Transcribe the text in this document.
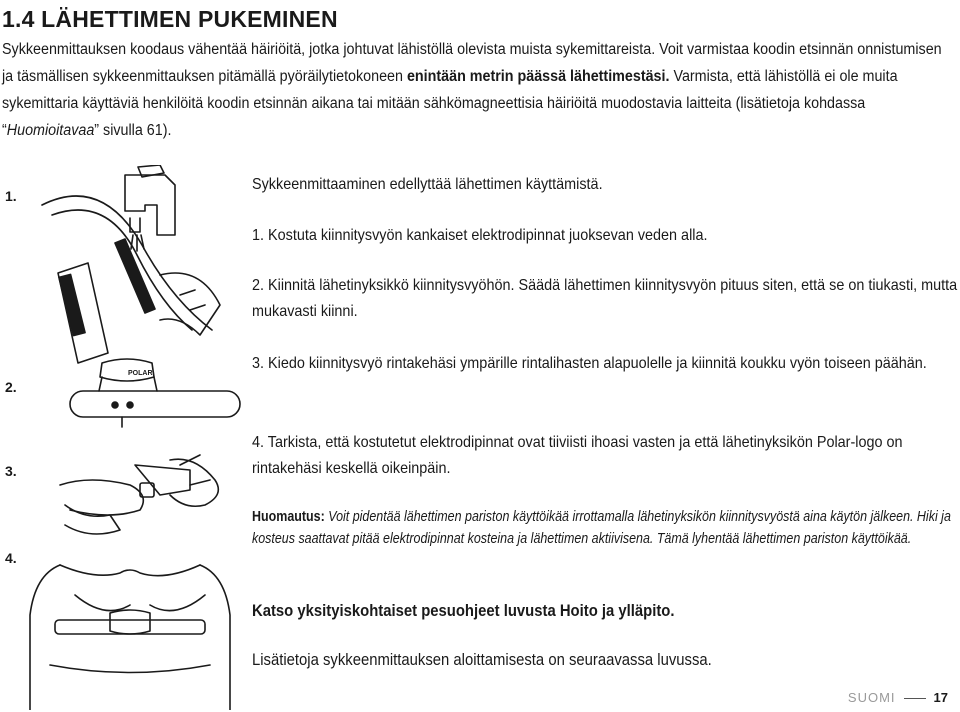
1.4 LÄHETTIMEN PUKEMINEN
Sykkeenmittauksen koodaus vähentää häiriöitä, jotka johtuvat lähistöllä olevista muista sykemittareista. Voit varmistaa koodin etsinnän onnistumisen ja täsmällisen sykkeenmittauksen pitämällä pyöräilytietokoneen enintään metrin päässä lähettimestäsi. Varmista, että lähistöllä ei ole muita sykemittaria käyttäviä henkilöitä koodin etsinnän aikana tai mitään sähkömagneettisia häiriöitä muodostavia laitteita (lisätietoja kohdassa “Huomioitavaa” sivulla 61).
1.
2.
3.
4.
POLAR
Sykkeenmittaaminen edellyttää lähettimen käyttämistä.
1. Kostuta kiinnitysvyön kankaiset elektrodipinnat juoksevan veden alla.
2. Kiinnitä lähetinyksikkö kiinnitysvyöhön. Säädä lähettimen kiinnitysvyön pituus siten, että se on tiukasti, mutta mukavasti kiinni.
3. Kiedo kiinnitysvyö rintakehäsi ympärille rintalihasten alapuolelle ja kiinnitä koukku vyön toiseen päähän.
4. Tarkista, että kostutetut elektrodipinnat ovat tiiviisti ihoasi vasten ja että lähetinyksikön Polar-logo on rintakehäsi keskellä oikeinpäin.
Huomautus: Voit pidentää lähettimen pariston käyttöikää irrottamalla lähetinyksikön kiinnitysvyöstä aina käytön jälkeen. Hiki ja kosteus saattavat pitää elektrodipinnat kosteina ja lähettimen aktiivisena. Tämä lyhentää lähettimen pariston käyttöikää.
Katso yksityiskohtaiset pesuohjeet luvusta Hoito ja ylläpito.
Lisätietoja sykkeenmittauksen aloittamisesta on seuraavassa luvussa.
SUOMI	17
